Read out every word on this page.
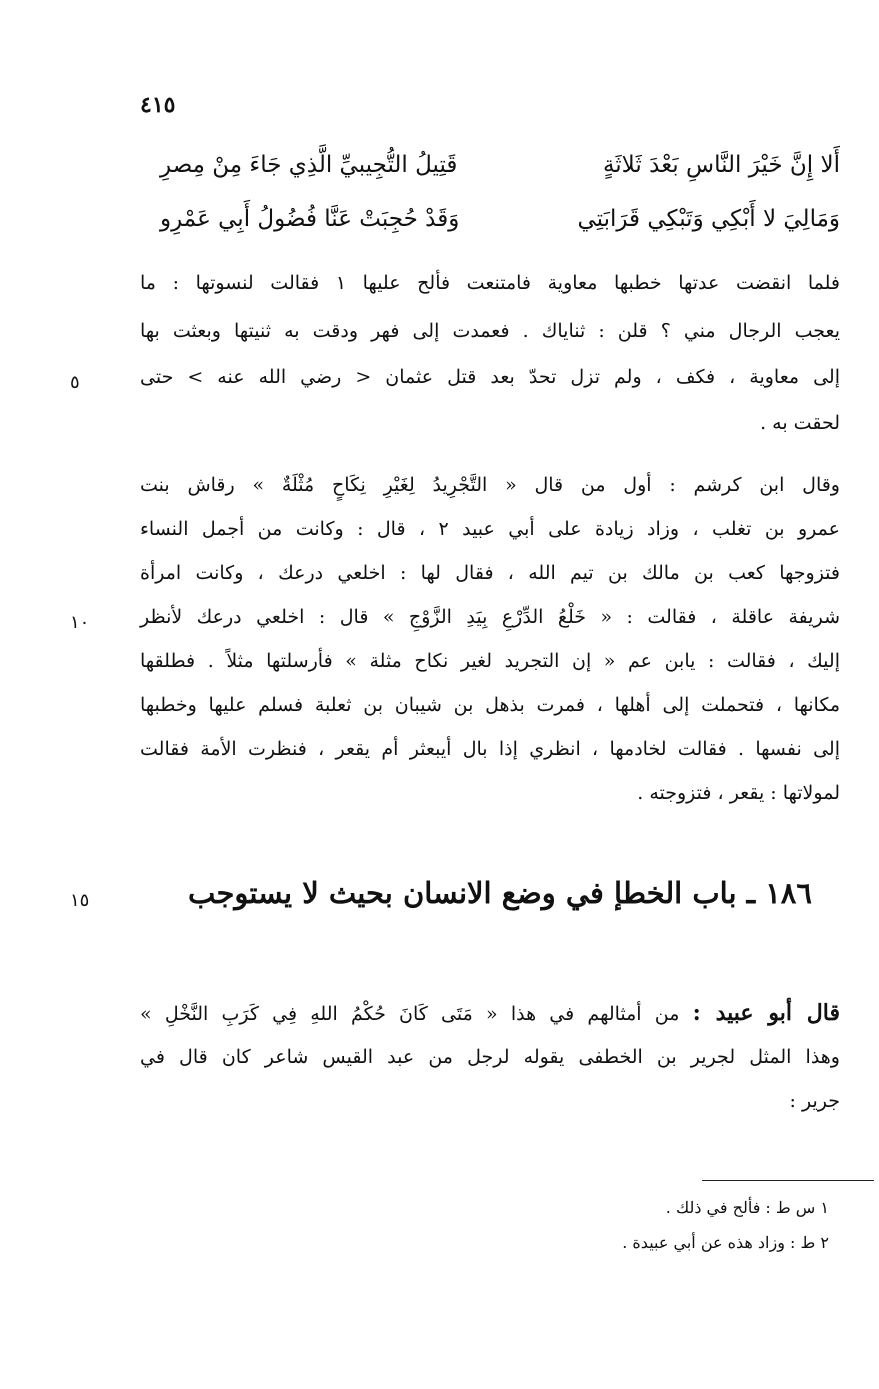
٤١٥
أَلا إِنَّ خَيْرَ النَّاسِ بَعْدَ ثَلاثَةٍ
قَتِيلُ التُّجِيبيِّ الَّذِي جَاءَ مِنْ مِصرِ
وَمَالِيَ لا أَبْكِي وَتَبْكِي قَرَابَتِي
وَقَدْ حُجِبَتْ عَنَّا فُضُولُ أَبِي عَمْرِو
فلما انقضت عدتها خطبها معاوية فامتنعت فألح عليها ١ فقالت لنسوتها : ما
يعجب الرجال مني ؟ قلن : ثناياك . فعمدت إلى فهر ودقت به ثنيتها وبعثت بها
إلى معاوية ، فكف ، ولم تزل تحدّ بعد قتل عثمان < رضي الله عنه > حتى
لحقت به .
٥
وقال ابن كرشم : أول من قال « التَّجْرِيدُ لِغَيْرِ نِكَاحٍ مُثْلَةٌ » رقاش بنت
عمرو بن تغلب ، وزاد زيادة على أبي عبيد ٢ ، قال : وكانت من أجمل النساء
فتزوجها كعب بن مالك بن تيم الله ، فقال لها : اخلعي درعك ، وكانت امرأة
شريفة عاقلة ، فقالت : « خَلْعُ الدِّرْعِ بِيَدِ الزَّوْجِ » قال : اخلعي درعك لأنظر
إليك ، فقالت : يابن عم « إن التجريد لغير نكاح مثلة » فأرسلتها مثلاً . فطلقها
مكانها ، فتحملت إلى أهلها ، فمرت بذهل بن شيبان بن ثعلبة فسلم عليها وخطبها
إلى نفسها . فقالت لخادمها ، انظري إذا بال أيبعثر أم يقعر ، فنظرت الأمة فقالت
لمولاتها : يقعر ، فتزوجته .
١٠
١٨٦ ـ باب الخطإ في وضع الانسان بحيث لا يستوجب
١٥
قال أبو عبيد : من أمثالهم في هذا « مَتَى كَانَ حُكْمُ اللهِ فِي كَرَبِ النَّخْلِ »
وهذا المثل لجرير بن الخطفى يقوله لرجل من عبد القيس شاعر كان قال في
جرير :
١ س ط : فألح في ذلك .
٢ ط : وزاد هذه عن أبي عبيدة .
